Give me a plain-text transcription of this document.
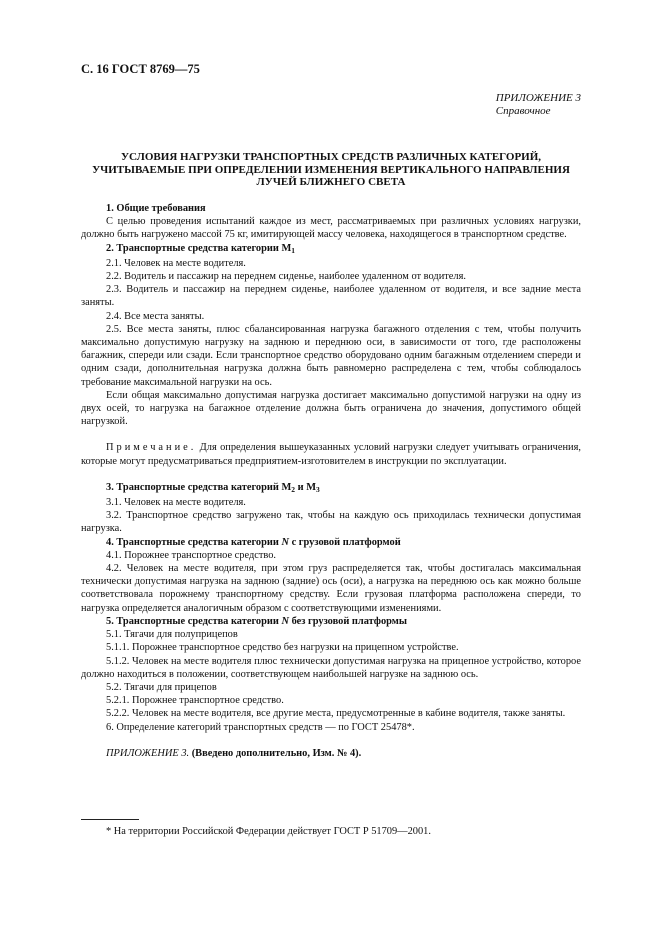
С. 16 ГОСТ 8769—75
ПРИЛОЖЕНИЕ 3
Справочное
УСЛОВИЯ НАГРУЗКИ ТРАНСПОРТНЫХ СРЕДСТВ РАЗЛИЧНЫХ КАТЕГОРИЙ, УЧИТЫВАЕМЫЕ ПРИ ОПРЕДЕЛЕНИИ ИЗМЕНЕНИЯ ВЕРТИКАЛЬНОГО НАПРАВЛЕНИЯ ЛУЧЕЙ БЛИЖНЕГО СВЕТА

1. Общие требования

С целью проведения испытаний каждое из мест, рассматриваемых при различных условиях нагрузки, должно быть нагружено массой 75 кг, имитирующей массу человека, находящегося в транспортном средстве.

2. Транспортные средства категории $М_1$

2.1. Человек на месте водителя.

2.2. Водитель и пассажир на переднем сиденье, наиболее удаленном от водителя.

2.3. Водитель и пассажир на переднем сиденье, наиболее удаленном от водителя, и все задние места заняты.

2.4. Все места заняты.

2.5. Все места заняты, плюс сбалансированная нагрузка багажного отделения с тем, чтобы получить максимально допустимую нагрузку на заднюю и переднюю оси, в зависимости от того, где расположены багажник, спереди или сзади. Если транспортное средство оборудовано одним багажным отделением спереди и одним сзади, дополнительная нагрузка должна быть равномерно распределена с тем, чтобы соблюдалось требование максимальной нагрузки на ось.

Если общая максимально допустимая нагрузка достигает максимально допустимой нагрузки на одну из двух осей, то нагрузка на багажное отделение должна быть ограничена до значения, допустимого общей нагрузкой.

Примечание. Для определения вышеуказанных условий нагрузки следует учитывать ограничения, которые могут предусматриваться предприятием-изготовителем в инструкции по эксплуатации.

3. Транспортные средства категорий $М_2$ и $М_3$

3.1. Человек на месте водителя.

3.2. Транспортное средство загружено так, чтобы на каждую ось приходилась технически допустимая нагрузка.

4. Транспортные средства категории N с грузовой платформой

4.1. Порожнее транспортное средство.

4.2. Человек на месте водителя, при этом груз распределяется так, чтобы достигалась максимальная технически допустимая нагрузка на заднюю (задние) ось (оси), а нагрузка на переднюю ось как можно больше соответствовала порожнему транспортному средству. Если грузовая платформа расположена спереди, то нагрузка определяется аналогичным образом с соответствующими изменениями.

5. Транспортные средства категории N без грузовой платформы

5.1. Тягачи для полуприцепов

5.1.1. Порожнее транспортное средство без нагрузки на прицепном устройстве.

5.1.2. Человек на месте водителя плюс технически допустимая нагрузка на прицепное устройство, которое должно находиться в положении, соответствующем наибольшей нагрузке на заднюю ось.

5.2. Тягачи для прицепов

5.2.1. Порожнее транспортное средство.

5.2.2. Человек на месте водителя, все другие места, предусмотренные в кабине водителя, также заняты.

6. Определение категорий транспортных средств — по ГОСТ 25478*.

ПРИЛОЖЕНИЕ 3. (Введено дополнительно, Изм. № 4).

* На территории Российской Федерации действует ГОСТ Р 51709—2001.
